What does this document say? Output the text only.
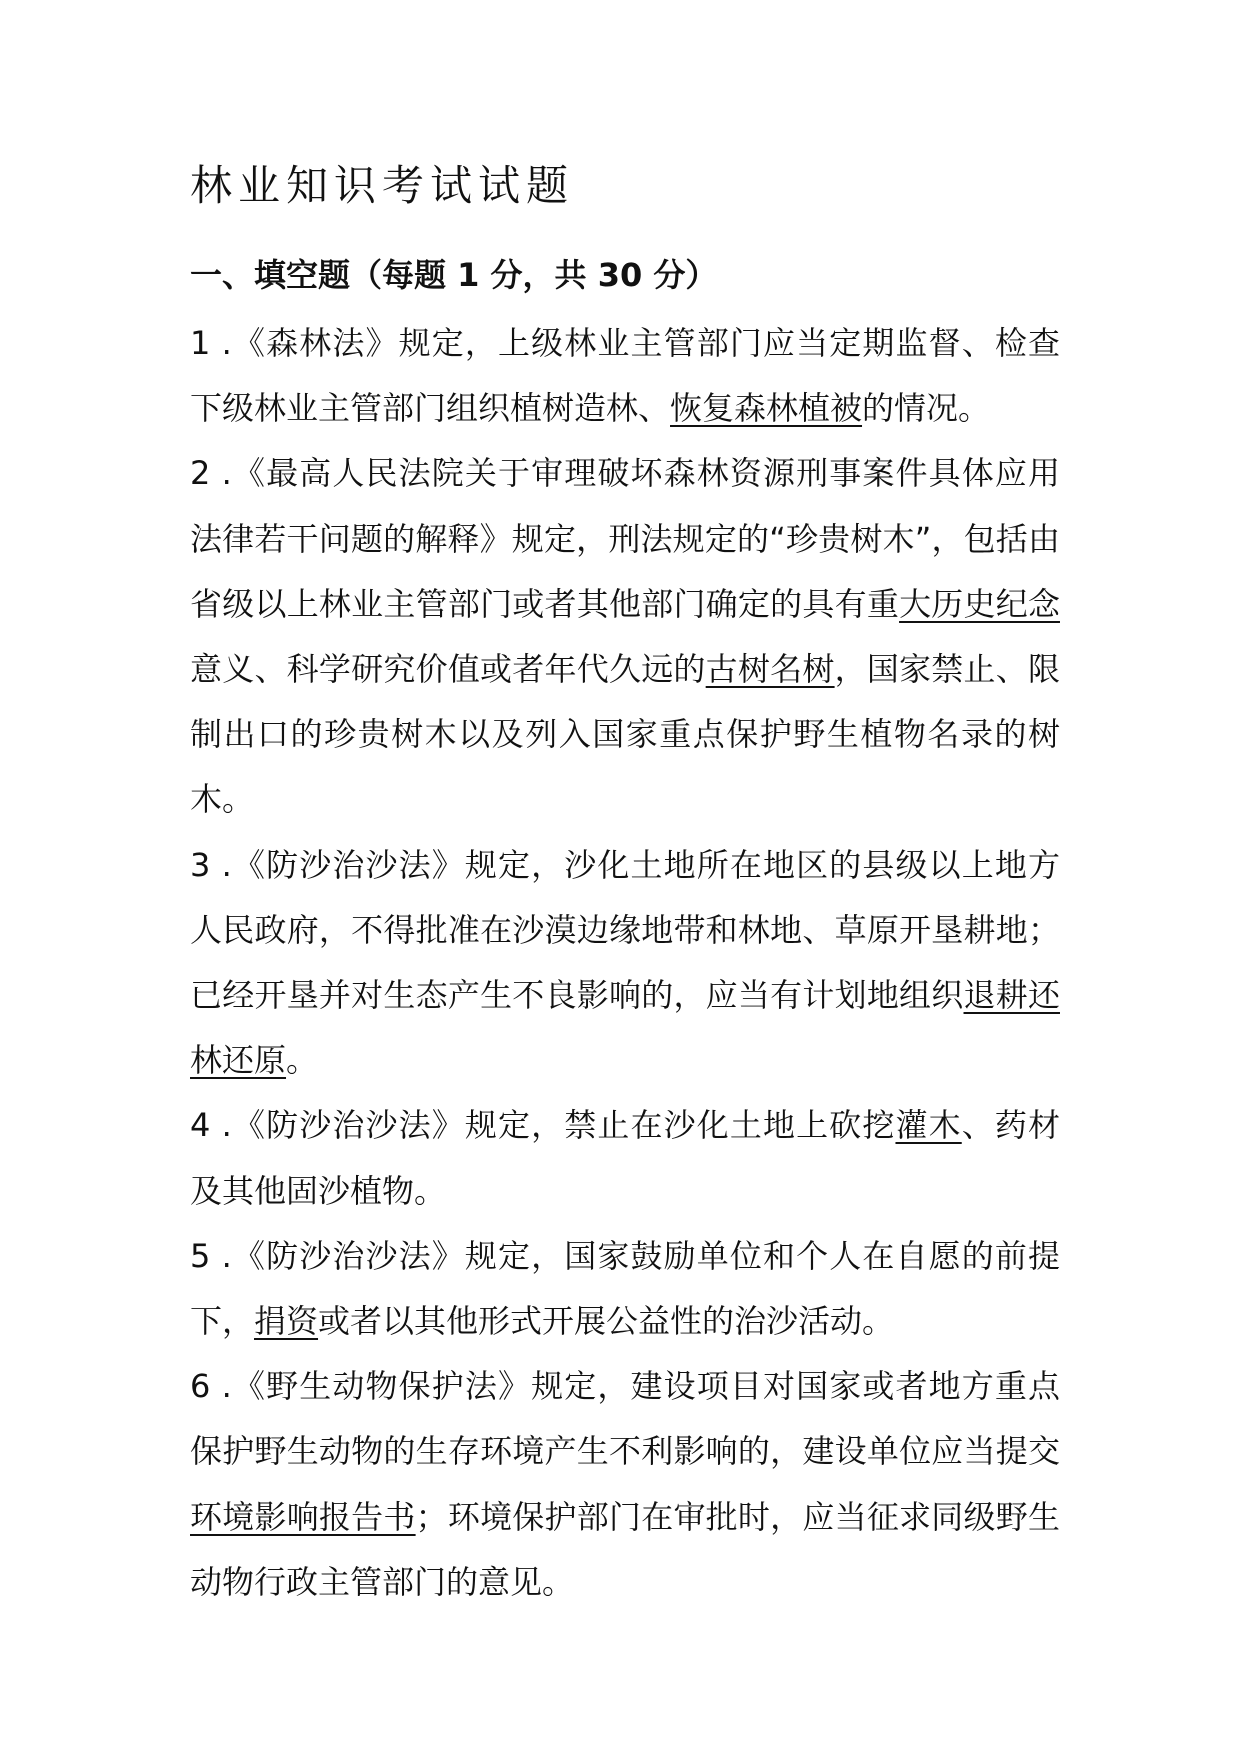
林业知识考试试题
一、填空题（每题 1 分，共 30 分）

1 .《森林法》规定，上级林业主管部门应当定期监督、检查下级林业主管部门组织植树造林、恢复森林植被的情况。

2 .《最高人民法院关于审理破坏森林资源刑事案件具体应用法律若干问题的解释》规定，刑法规定的“珍贵树木”，包括由省级以上林业主管部门或者其他部门确定的具有重大历史纪念意义、科学研究价值或者年代久远的古树名树，国家禁止、限制出口的珍贵树木以及列入国家重点保护野生植物名录的树木。

3 .《防沙治沙法》规定，沙化土地所在地区的县级以上地方人民政府，不得批准在沙漠边缘地带和林地、草原开垦耕地；已经开垦并对生态产生不良影响的，应当有计划地组织退耕还林还原。

4 .《防沙治沙法》规定，禁止在沙化土地上砍挖灌木、药材及其他固沙植物。

5 .《防沙治沙法》规定，国家鼓励单位和个人在自愿的前提下，捐资或者以其他形式开展公益性的治沙活动。

6 .《野生动物保护法》规定，建设项目对国家或者地方重点保护野生动物的生存环境产生不利影响的，建设单位应当提交环境影响报告书；环境保护部门在审批时，应当征求同级野生动物行政主管部门的意见。
